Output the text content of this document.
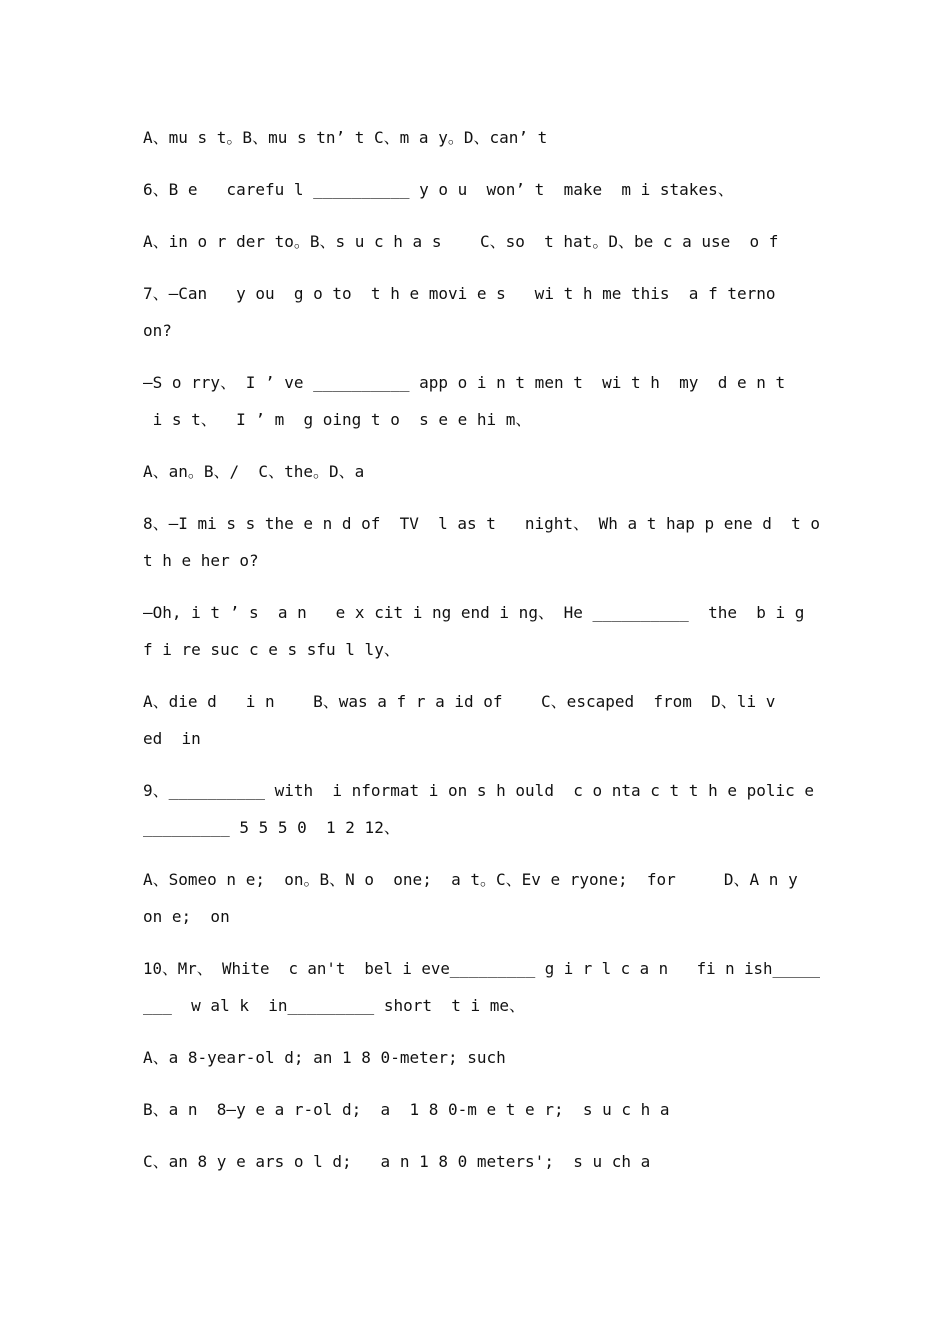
A、mu s t。B、mu s tn’ t C、m a y。D、can’ t

6、B e   carefu l __________ y o u  won’ t  make  m i stakes、

A、in o r der to。B、s u c h a s    C、so  t hat。D、be c a use  o f

7、—Can   y ou  g o to  t h e movi e s   wi t h me this  a f terno

on?

—S o rry、 I ’ ve __________ app o i n t men t  wi t h  my  d e n t

i s t、  I ’ m  g oing t o  s e e hi m、

A、an。B、/  C、the。D、a

8、—I mi s s the e n d of  TV  l as t   night、 Wh a t hap p ene d  t o

t h e her o?

—Oh, i t ’ s  a n   e x cit i ng end i ng、 He __________  the  b i g

f i re suc c e s sfu l ly、

A、die d   i n    B、was a f r a id of    C、escaped  from  D、li v

ed  in

9、__________ with  i nformat i on s h ould  c o nta c t t h e polic e

_________ 5 5 5 0  1 2 12、

A、Someo n e;  on。B、N o  one;  a t。C、Ev e ryone;  for     D、A n y

on e;  on

10、Mr、 White  c an't  bel i eve_________ g i r l c a n   fi n ish_____

___  w al k  in_________ short  t i me、

A、a 8-year-ol d; an 1 8 0-meter; such

B、a n  8—y e a r-ol d;  a  1 8 0-m e t e r;  s u c h a

C、an 8 y e ars o l d;   a n 1 8 0 meters';  s u ch a
